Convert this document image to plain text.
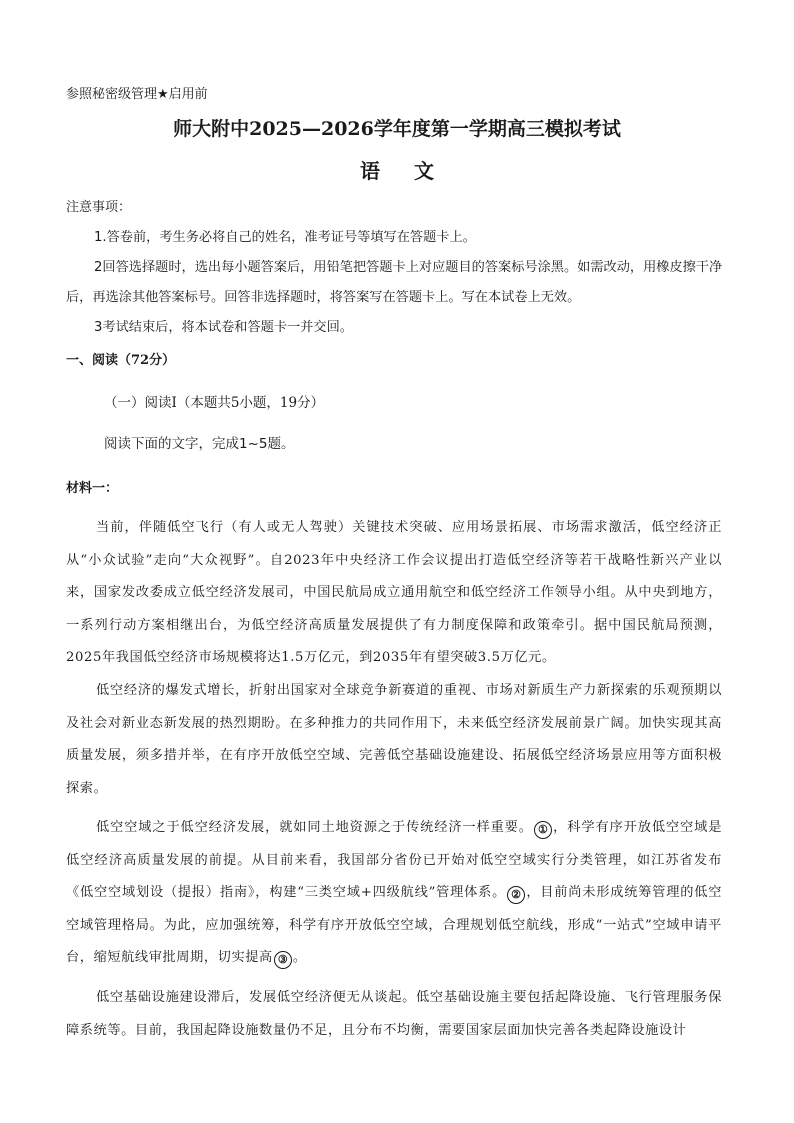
参照秘密级管理★启用前
师大附中2025—2026学年度第一学期高三模拟考试
语文
注意事项：
1.答卷前，考生务必将自己的姓名，准考证号等填写在答题卡上。
2回答选择题时，选出每小题答案后，用铅笔把答题卡上对应题目的答案标号涂黑。如需改动，用橡皮擦干净后，再选涂其他答案标号。回答非选择题时，将答案写在答题卡上。写在本试卷上无效。
3考试结束后，将本试卷和答题卡一并交回。
一、阅读（72分）
（一）阅读Ⅰ（本题共5小题，19分）
阅读下面的文字，完成1~5题。
材料一：
当前，伴随低空飞行（有人或无人驾驶）关键技术突破、应用场景拓展、市场需求激活，低空经济正从“小众试验”走向“大众视野”。自2023年中央经济工作会议提出打造低空经济等若干战略性新兴产业以来，国家发改委成立低空经济发展司，中国民航局成立通用航空和低空经济工作领导小组。从中央到地方，一系列行动方案相继出台，为低空经济高质量发展提供了有力制度保障和政策牵引。据中国民航局预测，2025年我国低空经济市场规模将达1.5万亿元，到2035年有望突破3.5万亿元。
低空经济的爆发式增长，折射出国家对全球竞争新赛道的重视、市场对新质生产力新探索的乐观预期以及社会对新业态新发展的热烈期盼。在多种推力的共同作用下，未来低空经济发展前景广阔。加快实现其高质量发展，须多措并举，在有序开放低空空域、完善低空基础设施建设、拓展低空经济场景应用等方面积极探索。
低空空域之于低空经济发展，就如同土地资源之于传统经济一样重要。 ① ，科学有序开放低空空域是低空经济高质量发展的前提。从目前来看，我国部分省份已开始对低空空域实行分类管理，如江苏省发布《低空空域划设（提报）指南》，构建“三类空域+四级航线”管理体系。 ② ，目前尚未形成统筹管理的低空空域管理格局。为此，应加强统筹，科学有序开放低空空域，合理规划低空航线，形成“一站式”空域申请平台，缩短航线审批周期，切实提高 ③ 。
低空基础设施建设滞后，发展低空经济便无从谈起。低空基础设施主要包括起降设施、飞行管理服务保障系统等。目前，我国起降设施数量仍不足，且分布不均衡，需要国家层面加快完善各类起降设施设计
